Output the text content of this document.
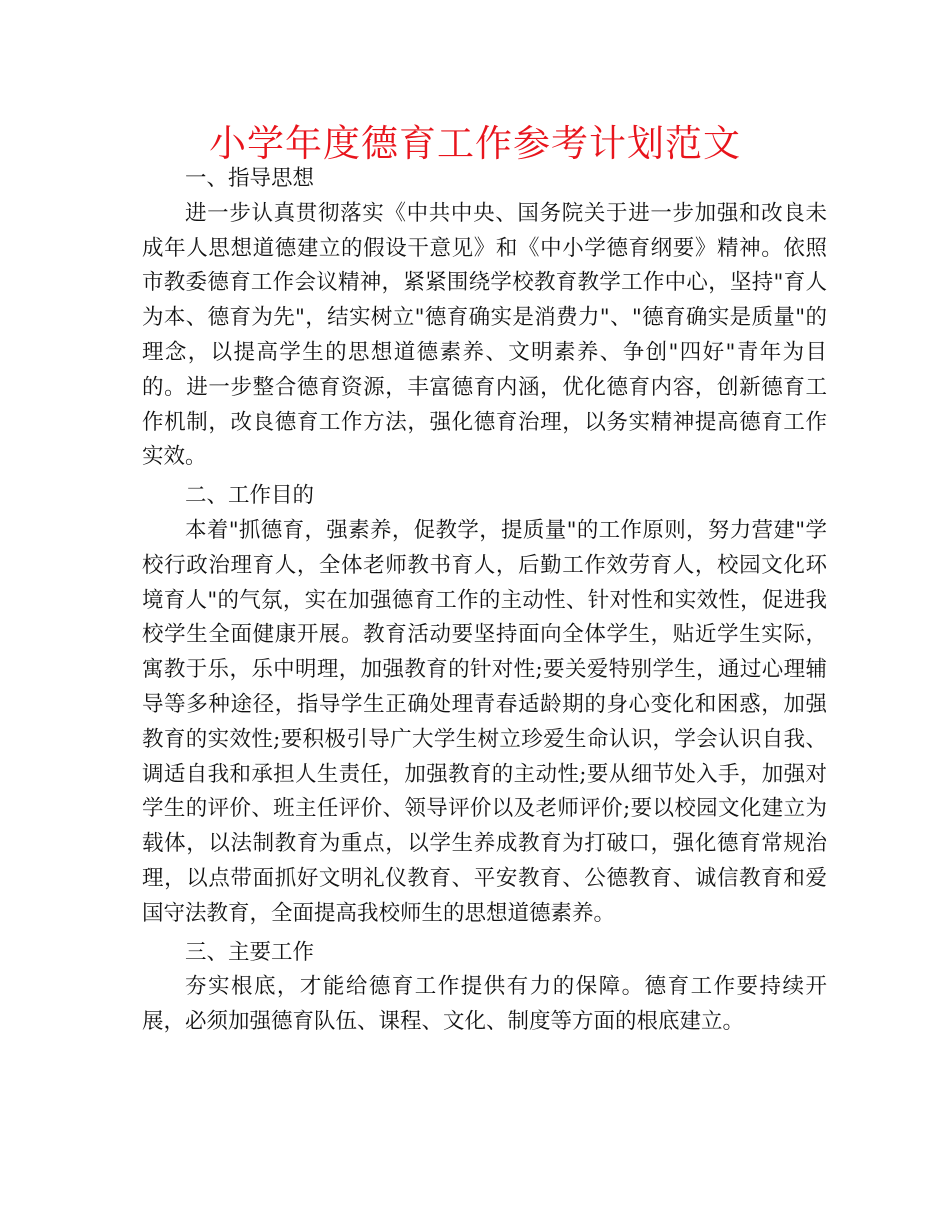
小学年度德育工作参考计划范文

一、指导思想

进一步认真贯彻落实《中共中央、国务院关于进一步加强和改良未成年人思想道德建立的假设干意见》和《中小学德育纲要》精神。依照市教委德育工作会议精神，紧紧围绕学校教育教学工作中心，坚持"育人为本、德育为先"，结实树立"德育确实是消费力"、"德育确实是质量"的理念，以提高学生的思想道德素养、文明素养、争创"四好"青年为目的。进一步整合德育资源，丰富德育内涵，优化德育内容，创新德育工作机制，改良德育工作方法，强化德育治理，以务实精神提高德育工作实效。

二、工作目的

本着"抓德育，强素养，促教学，提质量"的工作原则，努力营建"学校行政治理育人，全体老师教书育人，后勤工作效劳育人，校园文化环境育人"的气氛，实在加强德育工作的主动性、针对性和实效性，促进我校学生全面健康开展。教育活动要坚持面向全体学生，贴近学生实际，寓教于乐，乐中明理，加强教育的针对性;要关爱特别学生，通过心理辅导等多种途径，指导学生正确处理青春适龄期的身心变化和困惑，加强教育的实效性;要积极引导广大学生树立珍爱生命认识，学会认识自我、调适自我和承担人生责任，加强教育的主动性;要从细节处入手，加强对学生的评价、班主任评价、领导评价以及老师评价;要以校园文化建立为载体，以法制教育为重点，以学生养成教育为打破口，强化德育常规治理，以点带面抓好文明礼仪教育、平安教育、公德教育、诚信教育和爱国守法教育，全面提高我校师生的思想道德素养。

三、主要工作

夯实根底，才能给德育工作提供有力的保障。德育工作要持续开展，必须加强德育队伍、课程、文化、制度等方面的根底建立。
